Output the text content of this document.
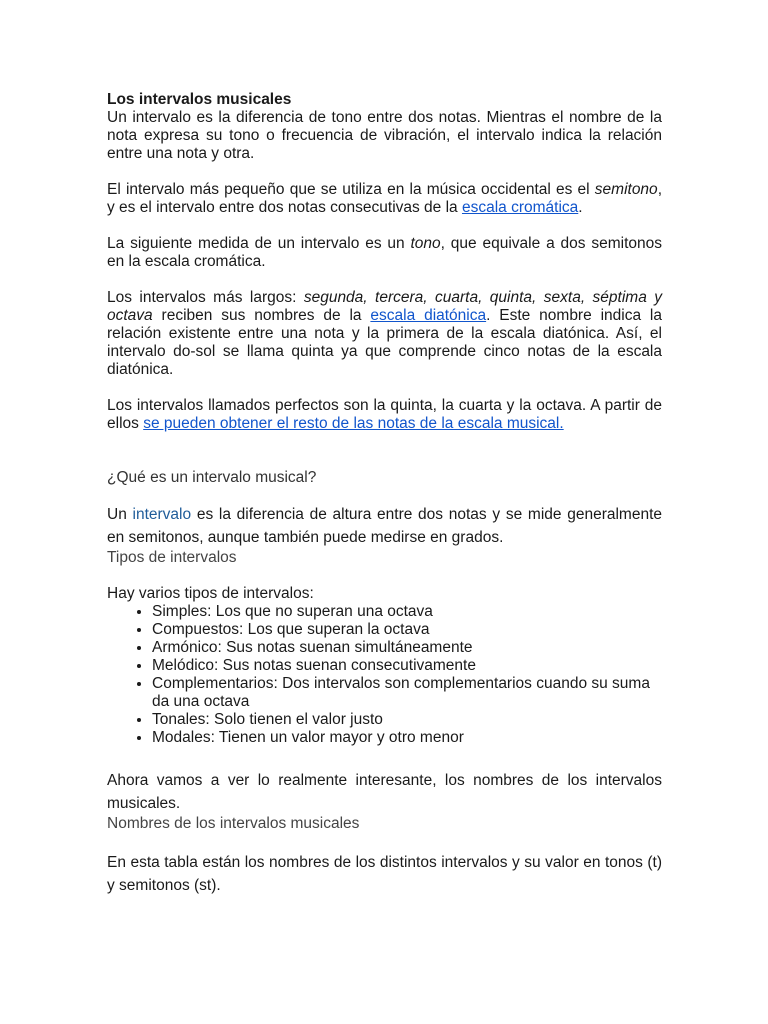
Los intervalos musicales

Un intervalo es la diferencia de tono entre dos notas. Mientras el nombre de la nota expresa su tono o frecuencia de vibración, el intervalo indica la relación entre una nota y otra.

El intervalo más pequeño que se utiliza en la música occidental es el semitono, y es el intervalo entre dos notas consecutivas de la escala cromática.

La siguiente medida de un intervalo es un tono, que equivale a dos semitonos en la escala cromática.

Los intervalos más largos: segunda, tercera, cuarta, quinta, sexta, séptima y octava reciben sus nombres de la escala diatónica. Este nombre indica la relación existente entre una nota y la primera de la escala diatónica. Así, el intervalo do-sol se llama quinta ya que comprende cinco notas de la escala diatónica.

Los intervalos llamados perfectos son la quinta, la cuarta y la octava. A partir de ellos se pueden obtener el resto de las notas de la escala musical.

¿Qué es un intervalo musical?

Un intervalo es la diferencia de altura entre dos notas y se mide generalmente en semitonos, aunque también puede medirse en grados.

Tipos de intervalos

Hay varios tipos de intervalos:

• Simples: Los que no superan una octava
• Compuestos: Los que superan la octava
• Armónico: Sus notas suenan simultáneamente
• Melódico: Sus notas suenan consecutivamente
• Complementarios: Dos intervalos son complementarios cuando su suma da una octava
• Tonales: Solo tienen el valor justo
• Modales: Tienen un valor mayor y otro menor

Ahora vamos a ver lo realmente interesante, los nombres de los intervalos musicales.

Nombres de los intervalos musicales

En esta tabla están los nombres de los distintos intervalos y su valor en tonos (t) y semitonos (st).
